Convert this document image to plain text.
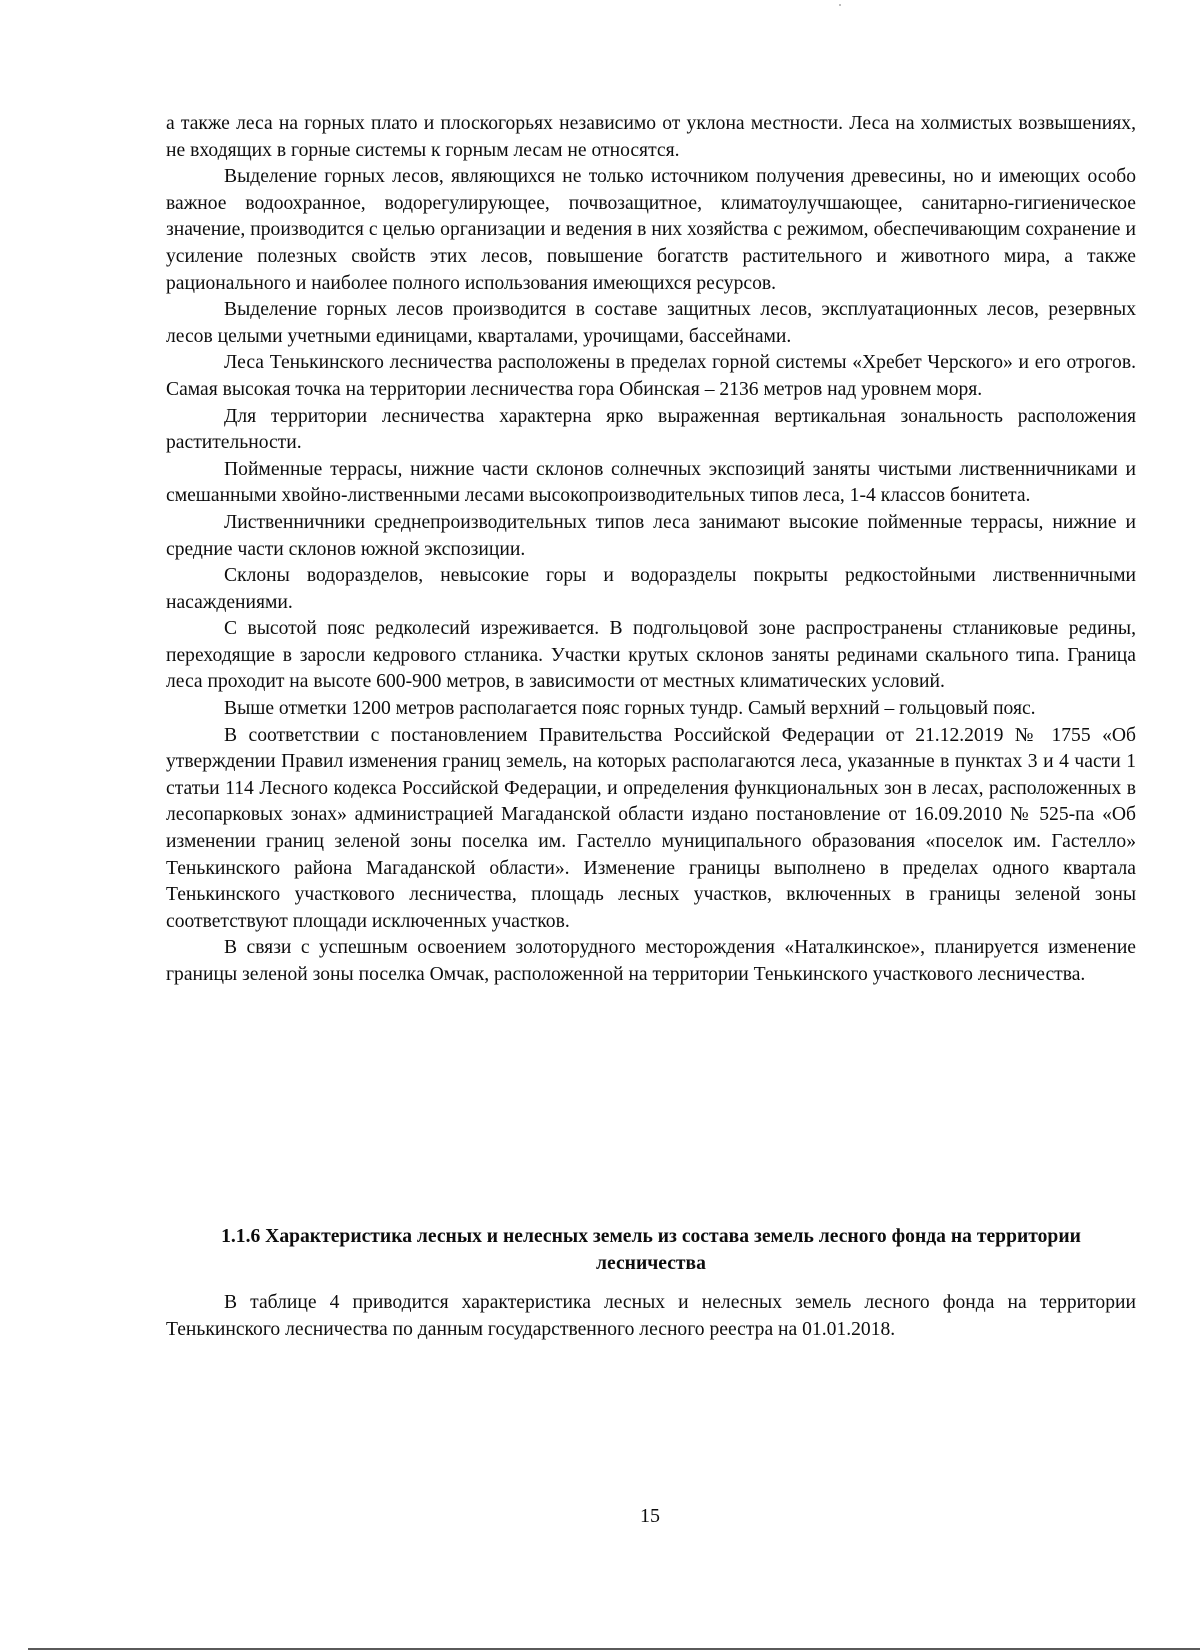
а также леса на горных плато и плоскогорьях независимо от уклона местности. Леса на холмистых возвышениях, не входящих в горные системы к горным лесам не относятся.

Выделение горных лесов, являющихся не только источником получения древесины, но и имеющих особо важное водоохранное, водорегулирующее, почвозащитное, климатоулучшающее, санитарно-гигиеническое значение, производится с целью организации и ведения в них хозяйства с режимом, обеспечивающим сохранение и усиление полезных свойств этих лесов, повышение богатств растительного и животного мира, а также рационального и наиболее полного использования имеющихся ресурсов.

Выделение горных лесов производится в составе защитных лесов, эксплуатационных лесов, резервных лесов целыми учетными единицами, кварталами, урочищами, бассейнами.

Леса Тенькинского лесничества расположены в пределах горной системы «Хребет Черского» и его отрогов. Самая высокая точка на территории лесничества гора Обинская – 2136 метров над уровнем моря.

Для территории лесничества характерна ярко выраженная вертикальная зональность расположения растительности.

Пойменные террасы, нижние части склонов солнечных экспозиций заняты чистыми лиственничниками и смешанными хвойно-лиственными лесами высокопроизводительных типов леса, 1-4 классов бонитета.

Лиственничники среднепроизводительных типов леса занимают высокие пойменные террасы, нижние и средние части склонов южной экспозиции.

Склоны водоразделов, невысокие горы и водоразделы покрыты редкостойными лиственничными насаждениями.

С высотой пояс редколесий изреживается. В подгольцовой зоне распространены стланиковые редины, переходящие в заросли кедрового стланика. Участки крутых склонов заняты рединами скального типа. Граница леса проходит на высоте 600-900 метров, в зависимости от местных климатических условий.

Выше отметки 1200 метров располагается пояс горных тундр. Самый верхний – гольцовый пояс.

В соответствии с постановлением Правительства Российской Федерации от 21.12.2019 № 1755 «Об утверждении Правил изменения границ земель, на которых располагаются леса, указанные в пунктах 3 и 4 части 1 статьи 114 Лесного кодекса Российской Федерации, и определения функциональных зон в лесах, расположенных в лесопарковых зонах» администрацией Магаданской области издано постановление от 16.09.2010 № 525-па «Об изменении границ зеленой зоны поселка им. Гастелло муниципального образования «поселок им. Гастелло» Тенькинского района Магаданской области». Изменение границы выполнено в пределах одного квартала Тенькинского участкового лесничества, площадь лесных участков, включенных в границы зеленой зоны соответствуют площади исключенных участков.

В связи с успешным освоением золоторудного месторождения «Наталкинское», планируется изменение границы зеленой зоны поселка Омчак, расположенной на территории Тенькинского участкового лесничества.

1.1.6 Характеристика лесных и нелесных земель из состава земель лесного фонда на территории лесничества

В таблице 4 приводится характеристика лесных и нелесных земель лесного фонда на территории Тенькинского лесничества по данным государственного лесного реестра на 01.01.2018.

15
